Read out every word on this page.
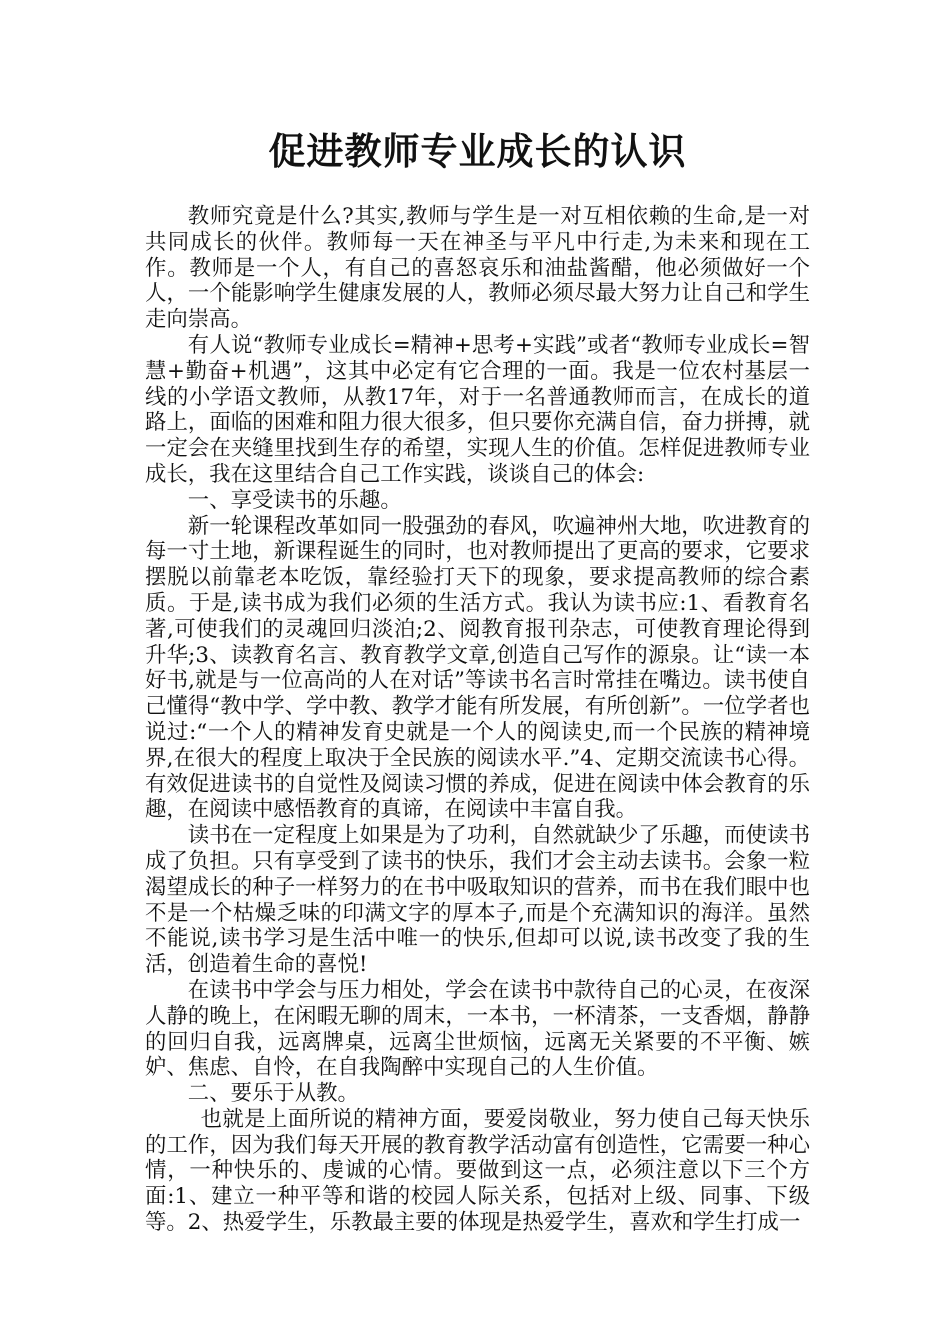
促进教师专业成长的认识

教师究竟是什么?其实,教师与学生是一对互相依赖的生命,是一对共同成长的伙伴。教师每一天在神圣与平凡中行走,为未来和现在工作。教师是一个人，有自己的喜怒哀乐和油盐酱醋，他必须做好一个人，一个能影响学生健康发展的人，教师必须尽最大努力让自己和学生走向崇高。

有人说“教师专业成长=精神+思考+实践”或者“教师专业成长=智慧+勤奋+机遇”，这其中必定有它合理的一面。我是一位农村基层一线的小学语文教师，从教17年，对于一名普通教师而言，在成长的道路上，面临的困难和阻力很大很多，但只要你充满自信，奋力拼搏，就一定会在夹缝里找到生存的希望，实现人生的价值。怎样促进教师专业成长，我在这里结合自己工作实践，谈谈自己的体会:

一、享受读书的乐趣。

新一轮课程改革如同一股强劲的春风，吹遍神州大地，吹进教育的每一寸土地，新课程诞生的同时，也对教师提出了更高的要求，它要求摆脱以前靠老本吃饭，靠经验打天下的现象，要求提高教师的综合素质。于是,读书成为我们必须的生活方式。我认为读书应:1、看教育名著,可使我们的灵魂回归淡泊;2、阅教育报刊杂志，可使教育理论得到升华;3、读教育名言、教育教学文章,创造自己写作的源泉。让“读一本好书,就是与一位高尚的人在对话”等读书名言时常挂在嘴边。读书使自己懂得“教中学、学中教、教学才能有所发展，有所创新”。一位学者也说过:“一个人的精神发育史就是一个人的阅读史,而一个民族的精神境界,在很大的程度上取决于全民族的阅读水平.”4、定期交流读书心得。有效促进读书的自觉性及阅读习惯的养成，促进在阅读中体会教育的乐趣，在阅读中感悟教育的真谛，在阅读中丰富自我。

读书在一定程度上如果是为了功利，自然就缺少了乐趣，而使读书成了负担。只有享受到了读书的快乐，我们才会主动去读书。会象一粒渴望成长的种子一样努力的在书中吸取知识的营养，而书在我们眼中也不是一个枯燥乏味的印满文字的厚本子,而是个充满知识的海洋。虽然不能说,读书学习是生活中唯一的快乐,但却可以说,读书改变了我的生活，创造着生命的喜悦!

在读书中学会与压力相处，学会在读书中款待自己的心灵，在夜深人静的晚上，在闲暇无聊的周末，一本书，一杯清茶，一支香烟，静静的回归自我，远离牌桌，远离尘世烦恼，远离无关紧要的不平衡、嫉妒、焦虑、自怜，在自我陶醉中实现自己的人生价值。

二、要乐于从教。

也就是上面所说的精神方面，要爱岗敬业，努力使自己每天快乐的工作，因为我们每天开展的教育教学活动富有创造性，它需要一种心情，一种快乐的、虔诚的心情。要做到这一点，必须注意以下三个方面:1、建立一种平等和谐的校园人际关系，包括对上级、同事、下级等。2、热爱学生，乐教最主要的体现是热爱学生，喜欢和学生打成一
